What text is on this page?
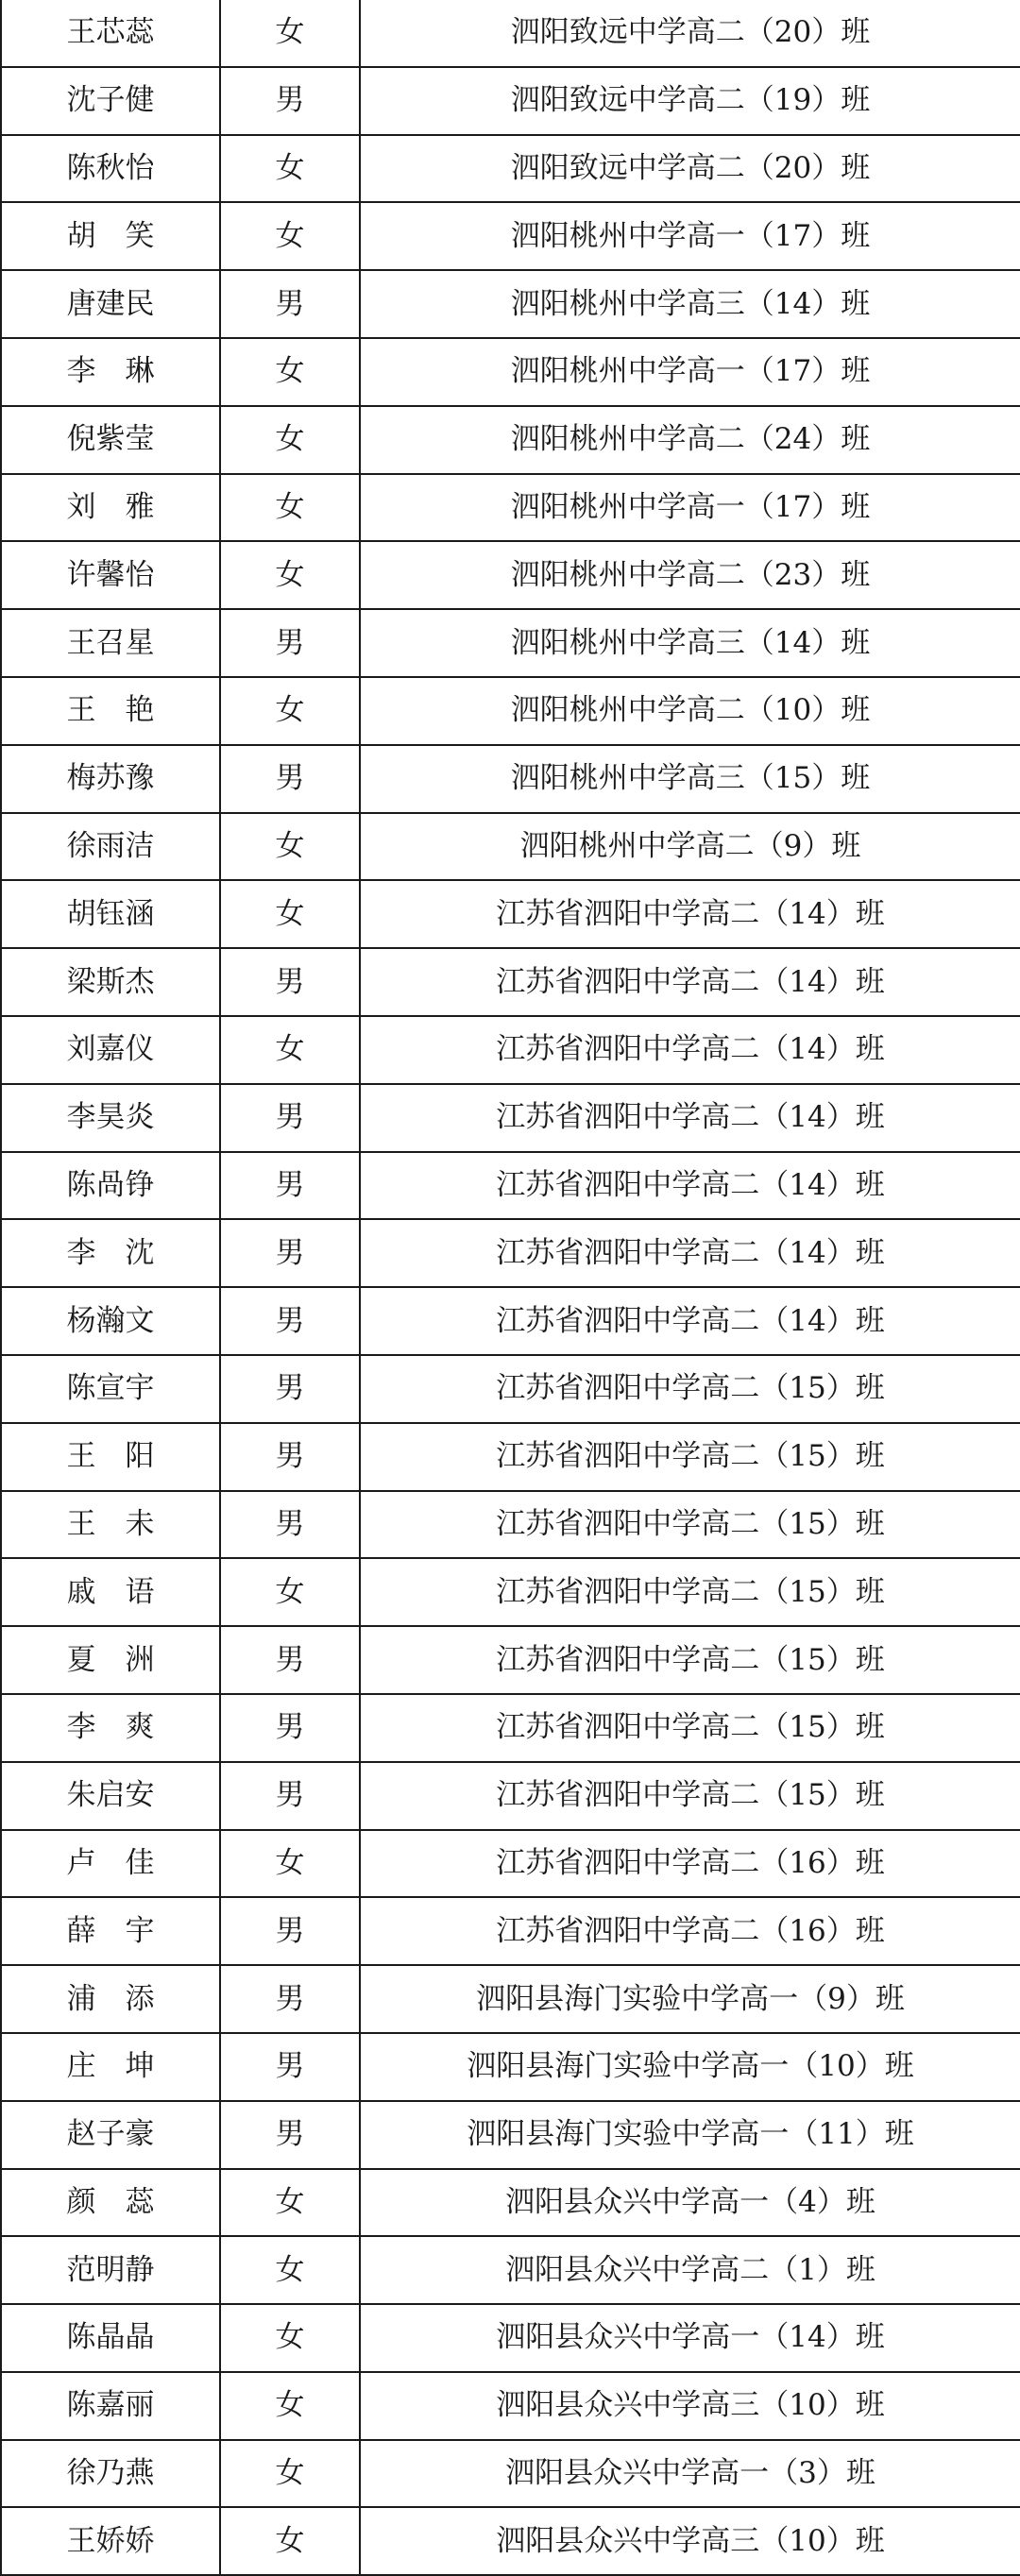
王芯蕊	女	泗阳致远中学高二（20）班
沈子健	男	泗阳致远中学高二（19）班
陈秋怡	女	泗阳致远中学高二（20）班
胡　笑	女	泗阳桃州中学高一（17）班
唐建民	男	泗阳桃州中学高三（14）班
李　琳	女	泗阳桃州中学高一（17）班
倪紫莹	女	泗阳桃州中学高二（24）班
刘　雅	女	泗阳桃州中学高一（17）班
许馨怡	女	泗阳桃州中学高二（23）班
王召星	男	泗阳桃州中学高三（14）班
王　艳	女	泗阳桃州中学高二（10）班
梅苏豫	男	泗阳桃州中学高三（15）班
徐雨洁	女	泗阳桃州中学高二（9）班
胡钰涵	女	江苏省泗阳中学高二（14）班
梁斯杰	男	江苏省泗阳中学高二（14）班
刘嘉仪	女	江苏省泗阳中学高二（14）班
李昊炎	男	江苏省泗阳中学高二（14）班
陈咼铮	男	江苏省泗阳中学高二（14）班
李　沈	男	江苏省泗阳中学高二（14）班
杨瀚文	男	江苏省泗阳中学高二（14）班
陈宣宇	男	江苏省泗阳中学高二（15）班
王　阳	男	江苏省泗阳中学高二（15）班
王　未	男	江苏省泗阳中学高二（15）班
戚　语	女	江苏省泗阳中学高二（15）班
夏　洲	男	江苏省泗阳中学高二（15）班
李　爽	男	江苏省泗阳中学高二（15）班
朱启安	男	江苏省泗阳中学高二（15）班
卢　佳	女	江苏省泗阳中学高二（16）班
薛　宇	男	江苏省泗阳中学高二（16）班
浦　添	男	泗阳县海门实验中学高一（9）班
庄　坤	男	泗阳县海门实验中学高一（10）班
赵子豪	男	泗阳县海门实验中学高一（11）班
颜　蕊	女	泗阳县众兴中学高一（4）班
范明静	女	泗阳县众兴中学高二（1）班
陈晶晶	女	泗阳县众兴中学高一（14）班
陈嘉丽	女	泗阳县众兴中学高三（10）班
徐乃燕	女	泗阳县众兴中学高一（3）班
王娇娇	女	泗阳县众兴中学高三（10）班
